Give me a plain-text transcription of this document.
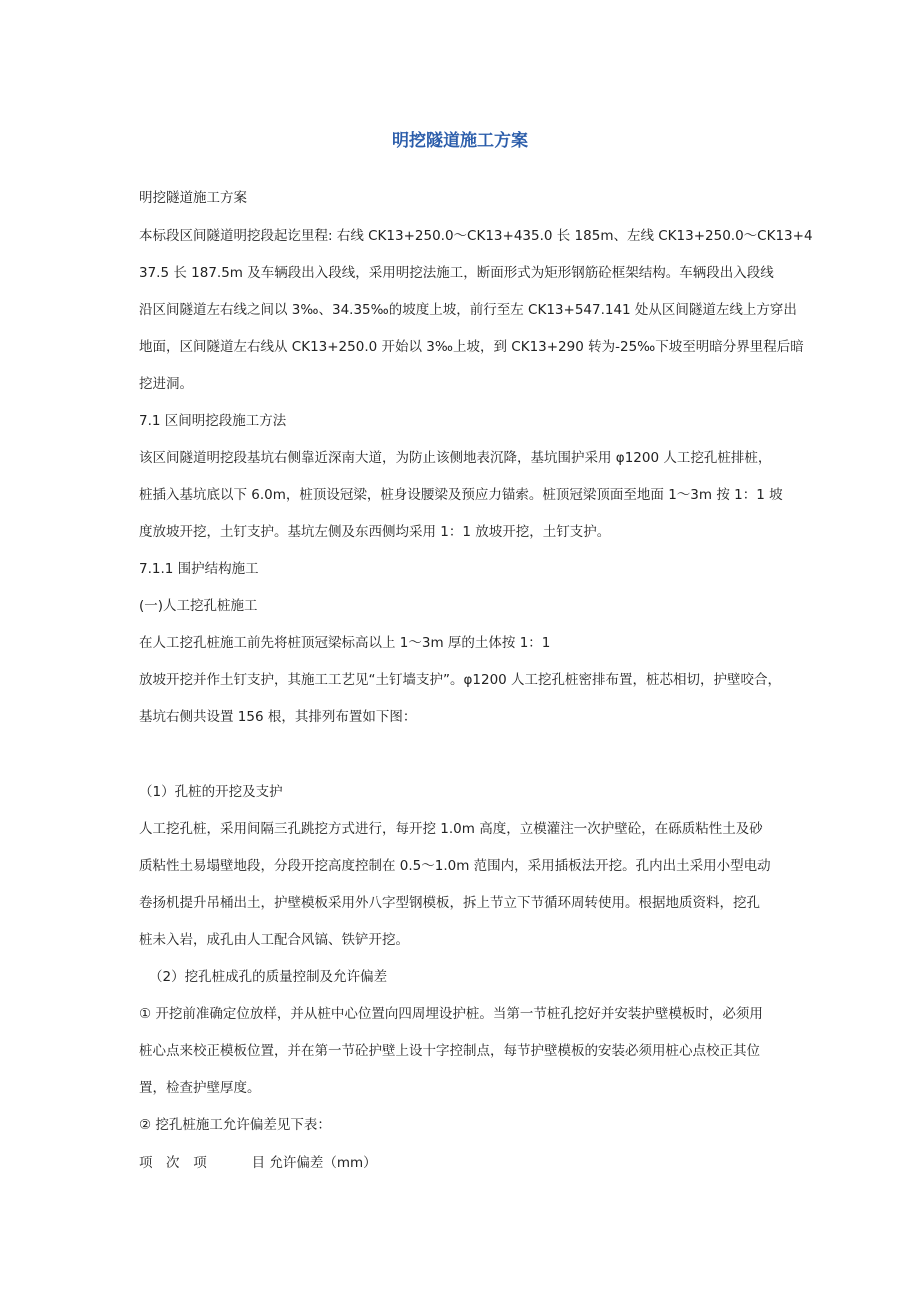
明挖隧道施工方案
明挖隧道施工方案
本标段区间隧道明挖段起讫里程: 右线 CK13+250.0～CK13+435.0 长 185m、左线 CK13+250.0～CK13+4
37.5 长 187.5m 及车辆段出入段线，采用明挖法施工，断面形式为矩形钢筋砼框架结构。车辆段出入段线
沿区间隧道左右线之间以 3‰、34.35‰的坡度上坡，前行至左 CK13+547.141 处从区间隧道左线上方穿出
地面，区间隧道左右线从 CK13+250.0 开始以 3‰上坡，到 CK13+290 转为-25‰下坡至明暗分界里程后暗
挖进洞。
7.1 区间明挖段施工方法
该区间隧道明挖段基坑右侧靠近深南大道，为防止该侧地表沉降，基坑围护采用 φ1200 人工挖孔桩排桩，
桩插入基坑底以下 6.0m，桩顶设冠梁，桩身设腰梁及预应力锚索。桩顶冠梁顶面至地面 1～3m 按 1：1 坡
度放坡开挖，土钉支护。基坑左侧及东西侧均采用 1：1 放坡开挖，土钉支护。
7.1.1 围护结构施工
(一)人工挖孔桩施工
在人工挖孔桩施工前先将桩顶冠梁标高以上 1～3m 厚的土体按 1：1
放坡开挖并作土钉支护，其施工工艺见“土钉墙支护”。φ1200 人工挖孔桩密排布置，桩芯相切，护壁咬合，
基坑右侧共设置 156 根，其排列布置如下图：
（1）孔桩的开挖及支护
人工挖孔桩，采用间隔三孔跳挖方式进行，每开挖 1.0m 高度，立模灌注一次护壁砼，在砾质粘性土及砂
质粘性土易塌壁地段，分段开挖高度控制在 0.5～1.0m 范围内，采用插板法开挖。孔内出土采用小型电动
卷扬机提升吊桶出土，护壁模板采用外八字型钢模板，拆上节立下节循环周转使用。根据地质资料，挖孔
桩未入岩，成孔由人工配合风镐、铁铲开挖。
（2）挖孔桩成孔的质量控制及允许偏差
① 开挖前准确定位放样，并从桩中心位置向四周埋设护桩。当第一节桩孔挖好并安装护壁模板时，必须用
桩心点来校正模板位置，并在第一节砼护壁上设十字控制点，每节护壁模板的安装必须用桩心点校正其位
置，检查护壁厚度。
② 挖孔桩施工允许偏差见下表：
项　次 项	目 允许偏差（mm）
